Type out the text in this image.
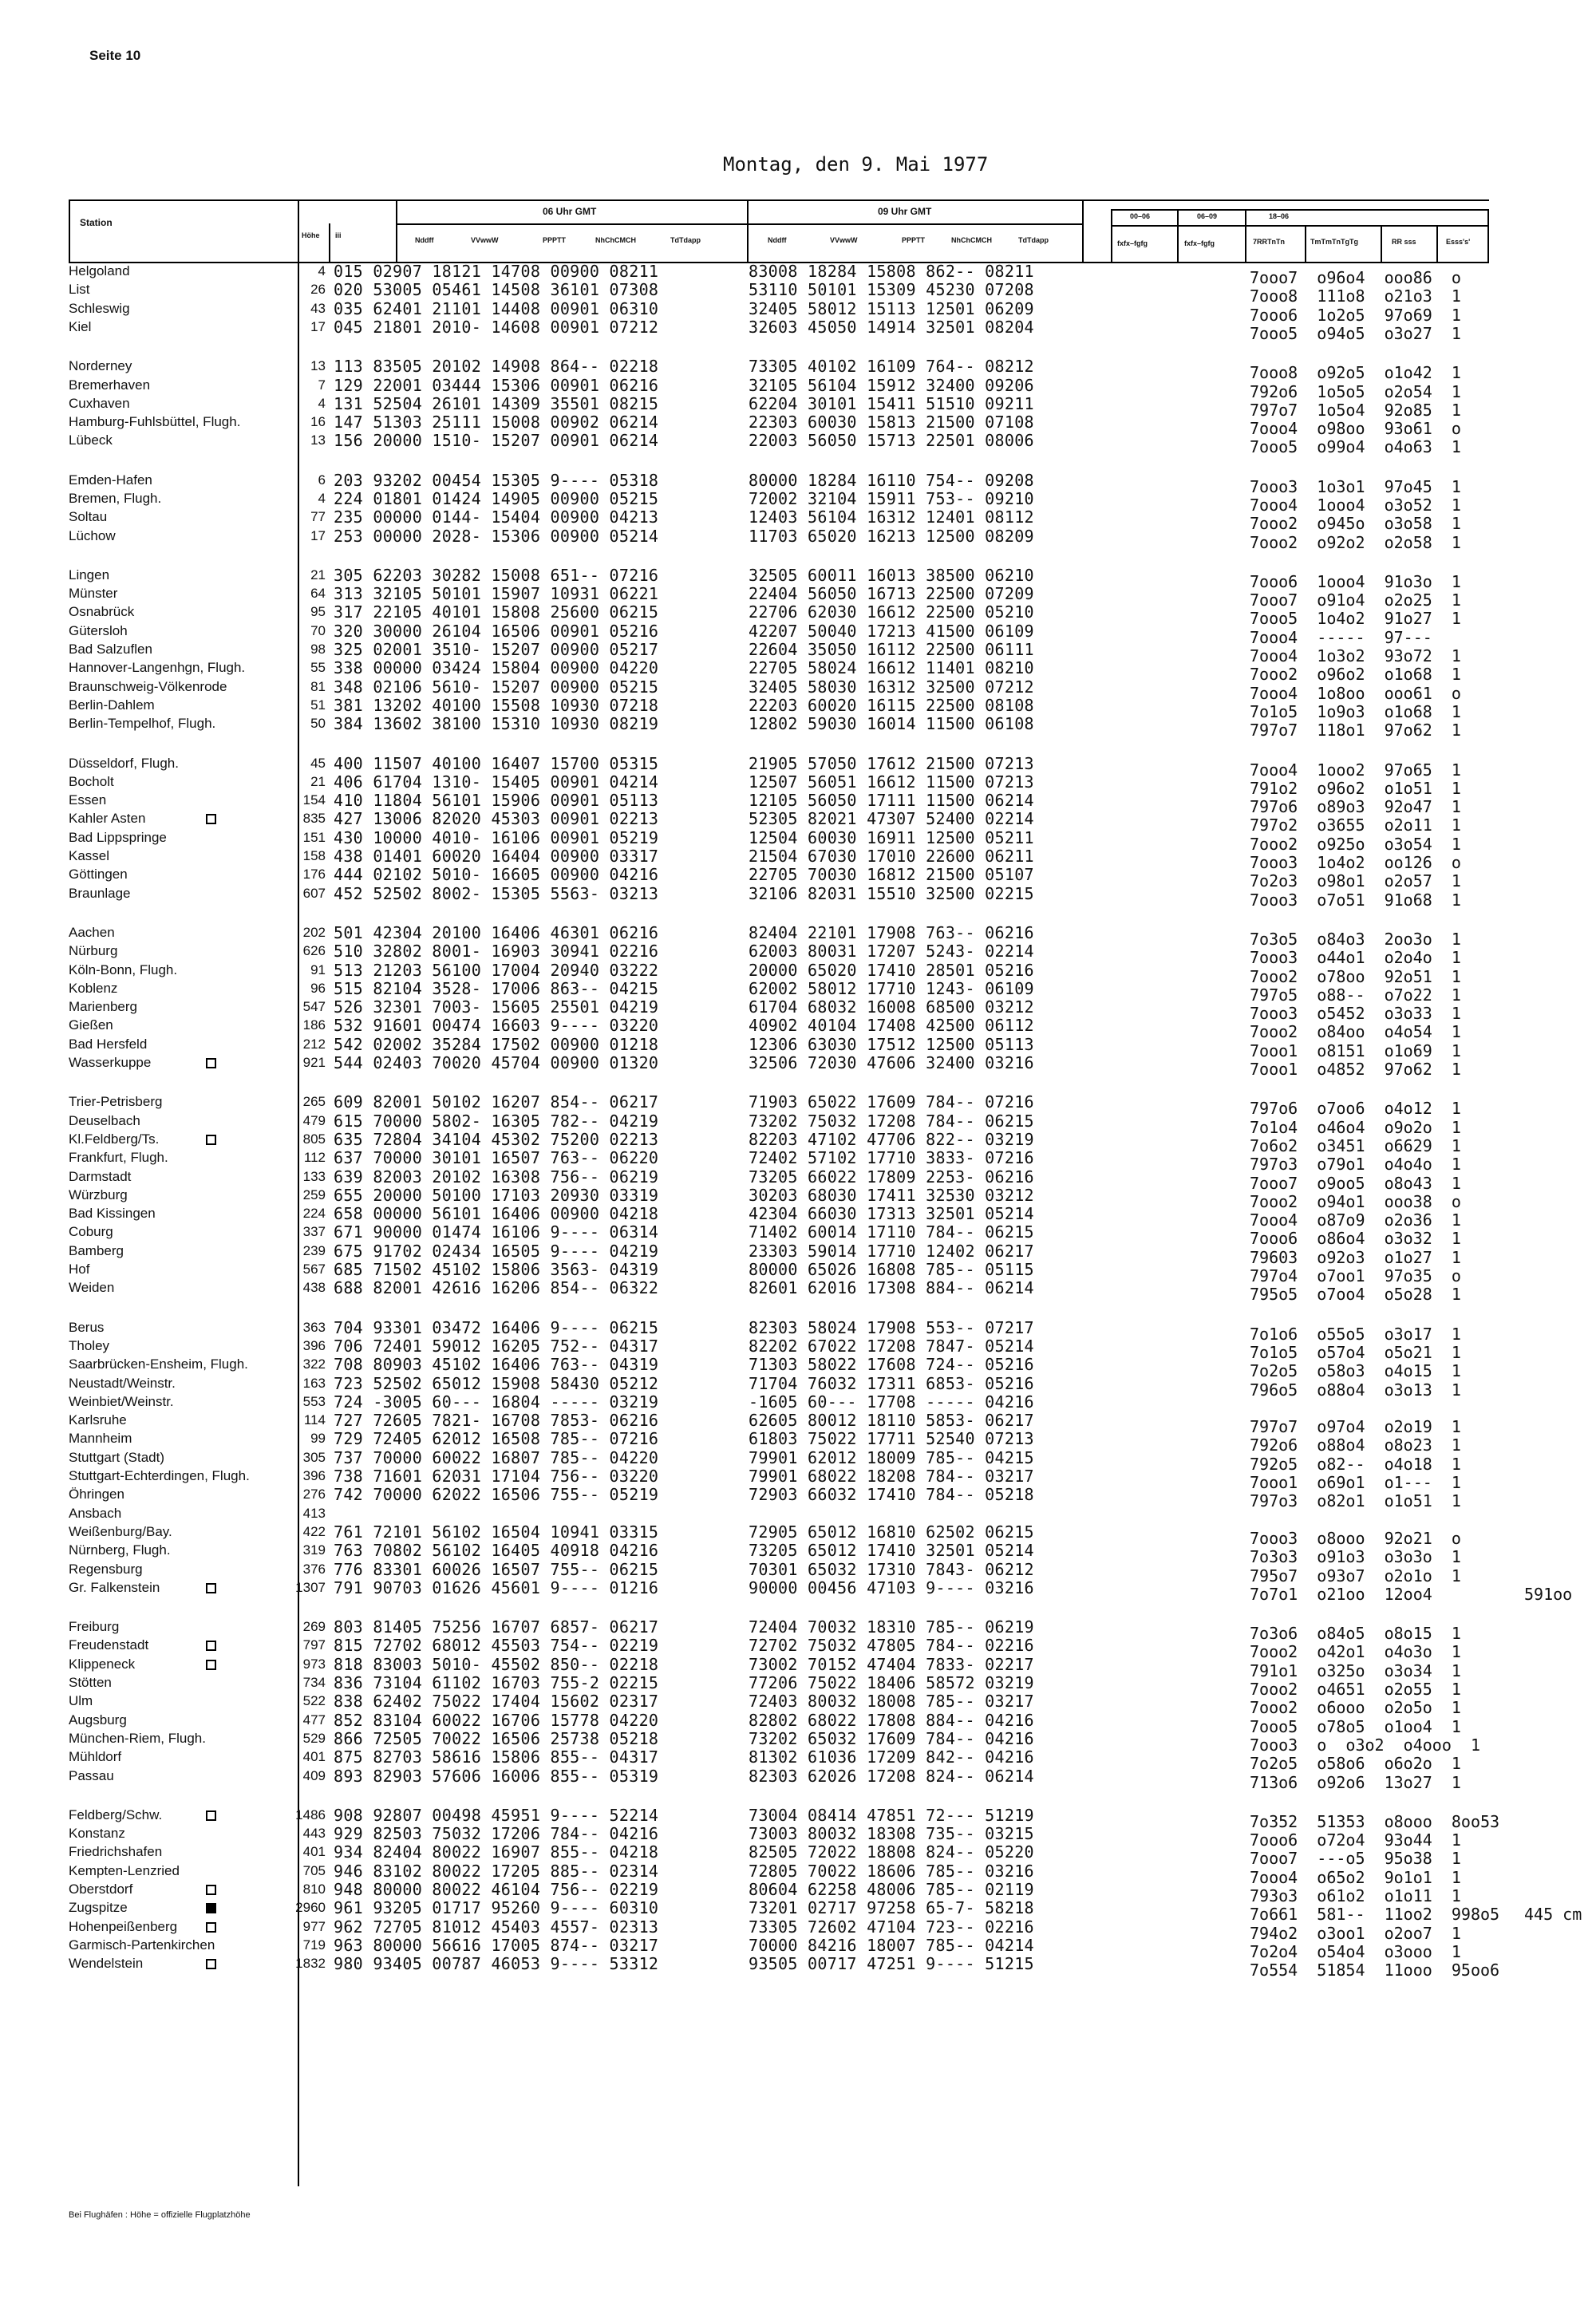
Seite 10
Montag, den 9. Mai 1977
Station
Höhe iii
06 Uhr GMT
Nddff	VVwwW	PPPTT	NhChCMCH	TdTdapp
09 Uhr GMT
Nddff	VVwwW	PPPTT	NhChCMCH	TdTdapp
00–06
fxfx–fgfg
06–09
fxfx–fgfg
18–06
7RRTnTn	TmTmTnTgTg	RR sss	Esss's'
Helgoland	4 015 02907 18121 14708 00900 08211	83008 18284 15808 862-- 08211	7ooo7  o96o4  ooo86  o
List	26 020 53005 05461 14508 36101 07308	53110 50101 15309 45230 07208	7ooo8  111o8  o21o3  1
Schleswig	43 035 62401 21101 14408 00901 06310	32405 58012 15113 12501 06209	7ooo6  1o2o5  97o69  1
Kiel	17 045 21801 2010- 14608 00901 07212	32603 45050 14914 32501 08204	7ooo5  o94o5  o3o27  1
Norderney	13 113 83505 20102 14908 864-- 02218	73305 40102 16109 764-- 08212	7ooo8  o92o5  o1o42  1
Bremerhaven	7 129 22001 03444 15306 00901 06216	32105 56104 15912 32400 09206	792o6  1o5o5  o2o54  1
Cuxhaven	4 131 52504 26101 14309 35501 08215	62204 30101 15411 51510 09211	797o7  1o5o4  92o85  1
Hamburg-Fuhlsbüttel, Flugh.	16 147 51303 25111 15008 00902 06214	22303 60030 15813 21500 07108	7ooo4  o98oo  93o61  o
Lübeck	13 156 20000 1510- 15207 00901 06214	22003 56050 15713 22501 08006	7ooo5  o99o4  o4o63  1
Emden-Hafen	6 203 93202 00454 15305 9---- 05318	80000 18284 16110 754-- 09208	7ooo3  1o3o1  97o45  1
Bremen, Flugh.	4 224 01801 01424 14905 00900 05215	72002 32104 15911 753-- 09210	7ooo4  1ooo4  o3o52  1
Soltau	77 235 00000 0144- 15404 00900 04213	12403 56104 16312 12401 08112	7ooo2  o945o  o3o58  1
Lüchow	17 253 00000 2028- 15306 00900 05214	11703 65020 16213 12500 08209	7ooo2  o92o2  o2o58  1
Lingen	21 305 62203 30282 15008 651-- 07216	32505 60011 16013 38500 06210	7ooo6  1ooo4  91o3o  1
Münster	64 313 32105 50101 15907 10931 06221	22404 56050 16713 22500 07209	7ooo7  o91o4  o2o25  1
Osnabrück	95 317 22105 40101 15808 25600 06215	22706 62030 16612 22500 05210	7ooo5  1o4o2  91o27  1
Gütersloh	70 320 30000 26104 16506 00901 05216	42207 50040 17213 41500 06109	7ooo4  -----  97---
Bad Salzuflen	98 325 02001 3510- 15207 00900 05217	22604 35050 16112 22500 06111	7ooo4  1o3o2  93o72  1
Hannover-Langenhgn, Flugh.	55 338 00000 03424 15804 00900 04220	22705 58024 16612 11401 08210	7ooo2  o96o2  o1o68  1
Braunschweig-Völkenrode	81 348 02106 5610- 15207 00900 05215	32405 58030 16312 32500 07212	7ooo4  1o8oo  ooo61  o
Berlin-Dahlem	51 381 13202 40100 15508 10930 07218	22203 60020 16115 22500 08108	7o1o5  1o9o3  o1o68  1
Berlin-Tempelhof, Flugh.	50 384 13602 38100 15310 10930 08219	12802 59030 16014 11500 06108	797o7  118o1  97o62  1
Düsseldorf, Flugh.	45 400 11507 40100 16407 15700 05315	21905 57050 17612 21500 07213	7ooo4  1ooo2  97o65  1
Bocholt	21 406 61704 1310- 15405 00901 04214	12507 56051 16612 11500 07213	791o2  o96o2  o1o51  1
Essen	154 410 11804 56101 15906 00901 05113	12105 56050 17111 11500 06214	797o6  o89o3  92o47  1
Kahler Asten	835 427 13006 82020 45303 00901 02213	52305 82021 47307 52400 02214	797o2  o3655  o2o11  1
Bad Lippspringe	151 430 10000 4010- 16106 00901 05219	12504 60030 16911 12500 05211	7ooo2  o925o  o3o54  1
Kassel	158 438 01401 60020 16404 00900 03317	21504 67030 17010 22600 06211	7ooo3  1o4o2  oo126  o
Göttingen	176 444 02102 5010- 16605 00900 04216	22705 70030 16812 21500 05107	7o2o3  o98o1  o2o57  1
Braunlage	607 452 52502 8002- 15305 5563- 03213	32106 82031 15510 32500 02215	7ooo3  o7o51  91o68  1
Aachen	202 501 42304 20100 16406 46301 06216	82404 22101 17908 763-- 06216	7o3o5  o84o3  2oo3o  1
Nürburg	626 510 32802 8001- 16903 30941 02216	62003 80031 17207 5243- 02214	7ooo3  o44o1  o2o4o  1
Köln-Bonn, Flugh.	91 513 21203 56100 17004 20940 03222	20000 65020 17410 28501 05216	7ooo2  o78oo  92o51  1
Koblenz	96 515 82104 3528- 17006 863-- 04215	62002 58012 17710 1243- 06109	797o5  o88--  o7o22  1
Marienberg	547 526 32301 7003- 15605 25501 04219	61704 68032 16008 68500 03212	7ooo3  o5452  o3o33  1
Gießen	186 532 91601 00474 16603 9---- 03220	40902 40104 17408 42500 06112	7ooo2  o84oo  o4o54  1
Bad Hersfeld	212 542 02002 35284 17502 00900 01218	12306 63030 17512 12500 05113	7ooo1  o8151  o1o69  1
Wasserkuppe	921 544 02403 70020 45704 00900 01320	32506 72030 47606 32400 03216	7ooo1  o4852  97o62  1
Trier-Petrisberg	265 609 82001 50102 16207 854-- 06217	71903 65022 17609 784-- 07216	797o6  o7oo6  o4o12  1
Deuselbach	479 615 70000 5802- 16305 782-- 04219	73202 75032 17208 784-- 06215	7o1o4  o46o4  o9o2o  1
Kl.Feldberg/Ts.	805 635 72804 34104 45302 75200 02213	82203 47102 47706 822-- 03219	7o6o2  o3451  o6629  1
Frankfurt, Flugh.	112 637 70000 30101 16507 763-- 06220	72402 57102 17710 3833- 07216	797o3  o79o1  o4o4o  1
Darmstadt	133 639 82003 20102 16308 756-- 06219	73205 66022 17809 2253- 06216	7ooo7  o9oo5  o8o43  1
Würzburg	259 655 20000 50100 17103 20930 03319	30203 68030 17411 32530 03212	7ooo2  o94o1  ooo38  o
Bad Kissingen	224 658 00000 56101 16406 00900 04218	42304 66030 17313 32501 05214	7ooo4  o87o9  o2o36  1
Coburg	337 671 90000 01474 16106 9---- 06314	71402 60014 17110 784-- 06215	7ooo6  o86o4  o3o32  1
Bamberg	239 675 91702 02434 16505 9---- 04219	23303 59014 17710 12402 06217	79603  o92o3  o1o27  1
Hof	567 685 71502 45102 15806 3563- 04319	80000 65026 16808 785-- 05115	797o4  o7oo1  97o35  o
Weiden	438 688 82001 42616 16206 854-- 06322	82601 62016 17308 884-- 06214	795o5  o7oo4  o5o28  1
Berus	363 704 93301 03472 16406 9---- 06215	82303 58024 17908 553-- 07217	7o1o6  o55o5  o3o17  1
Tholey	396 706 72401 59012 16205 752-- 04317	82202 67022 17208 7847- 05214	7o1o5  o57o4  o5o21  1
Saarbrücken-Ensheim, Flugh.	322 708 80903 45102 16406 763-- 04319	71303 58022 17608 724-- 05216	7o2o5  o58o3  o4o15  1
Neustadt/Weinstr.	163 723 52502 65012 15908 58430 05212	71704 76032 17311 6853- 05216	796o5  o88o4  o3o13  1
Weinbiet/Weinstr.	553 724 -3005 60--- 16804 ----- 03219	-1605 60--- 17708 ----- 04216
Karlsruhe	114 727 72605 7821- 16708 7853- 06216	62605 80012 18110 5853- 06217	797o7  o97o4  o2o19  1
Mannheim	99 729 72405 62012 16508 785-- 07216	61803 75022 17711 52540 07213	792o6  o88o4  o8o23  1
Stuttgart (Stadt)	305 737 70000 60022 16807 785-- 04220	79901 62012 18009 785-- 04215	792o5  o82--  o4o18  1
Stuttgart-Echterdingen, Flugh.	396 738 71601 62031 17104 756-- 03220	79901 68022 18208 784-- 03217	7ooo1  o69o1  o1---  1
Öhringen	276 742 70000 62022 16506 755-- 05219	72903 66032 17410 784-- 05218	797o3  o82o1  o1o51  1
Ansbach	413
Weißenburg/Bay.	422 761 72101 56102 16504 10941 03315	72905 65012 16810 62502 06215	7ooo3  o8ooo  92o21  o
Nürnberg, Flugh.	319 763 70802 56102 16405 40918 04216	73205 65012 17410 32501 05214	7o3o3  o91o3  o3o3o  1
Regensburg	376 776 83301 60026 16507 755-- 06215	70301 65032 17310 7843- 06212	795o7  o93o7  o2o1o  1
Gr. Falkenstein	1307 791 90703 01626 45601 9---- 01216	90000 00456 47103 9---- 03216	7o7o1  o21oo  12oo4	591oo
Freiburg	269 803 81405 75256 16707 6857- 06217	72404 70032 18310 785-- 06219	7o3o6  o84o5  o8o15  1
Freudenstadt	797 815 72702 68012 45503 754-- 02219	72702 75032 47805 784-- 02216	7ooo2  o42o1  o4o3o  1
Klippeneck	973 818 83003 5010- 45502 850-- 02218	73002 70152 47404 7833- 02217	791o1  o325o  o3o34  1
Stötten	734 836 73104 61102 16703 755-2 02215	77206 75022 18406 58572 03219	7ooo2  o4651  o2o55  1
Ulm	522 838 62402 75022 17404 15602 02317	72403 80032 18008 785-- 03217	7ooo2  o6ooo  o2o5o  1
Augsburg	477 852 83104 60022 16706 15778 04220	82802 68022 17808 884-- 04216	7ooo5  o78o5  o1oo4  1
München-Riem, Flugh.	529 866 72505 70022 16506 25738 05218	73202 65032 17609 784-- 04216	7ooo3  o  o3o2  o4ooo  1
Mühldorf	401 875 82703 58616 15806 855-- 04317	81302 61036 17209 842-- 04216	7o2o5  o58o6  o6o2o  1
Passau	409 893 82903 57606 16006 855-- 05319	82303 62026 17208 824-- 06214	713o6  o92o6  13o27  1
Feldberg/Schw.	1486 908 92807 00498 45951 9---- 52214	73004 08414 47851 72--- 51219	7o352  51353  o8ooo  8oo53
Konstanz	443 929 82503 75032 17206 784-- 04216	73003 80032 18308 735-- 03215	7ooo6  o72o4  93o44  1
Friedrichshafen	401 934 82404 80022 16907 855-- 04218	82505 72022 18808 824-- 05220	7ooo7  ---o5  95o38  1
Kempten-Lenzried	705 946 83102 80022 17205 885-- 02314	72805 70022 18606 785-- 03216	7ooo4  o65o2  9o1o1  1
Oberstdorf	810 948 80000 80022 46104 756-- 02219	80604 62258 48006 785-- 02119	793o3  o61o2  o1o11  1
Zugspitze	2960 961 93205 01717 95260 9---- 60310	73201 02717 97258 65-7- 58218	7o661  581--  11oo2  998o5 445 cm
Hohenpeißenberg	977 962 72705 81012 45403 4557- 02313	73305 72602 47104 723-- 02216	794o2  o3oo1  o2oo7  1
Garmisch-Partenkirchen	719 963 80000 56616 17005 874-- 03217	70000 84216 18007 785-- 04214	7o2o4  o54o4  o3ooo  1
Wendelstein	1832 980 93405 00787 46053 9---- 53312	93505 00717 47251 9---- 51215	7o554  51854  11ooo  95oo6
Bei Flughäfen : Höhe = offizielle Flugplatzhöhe
